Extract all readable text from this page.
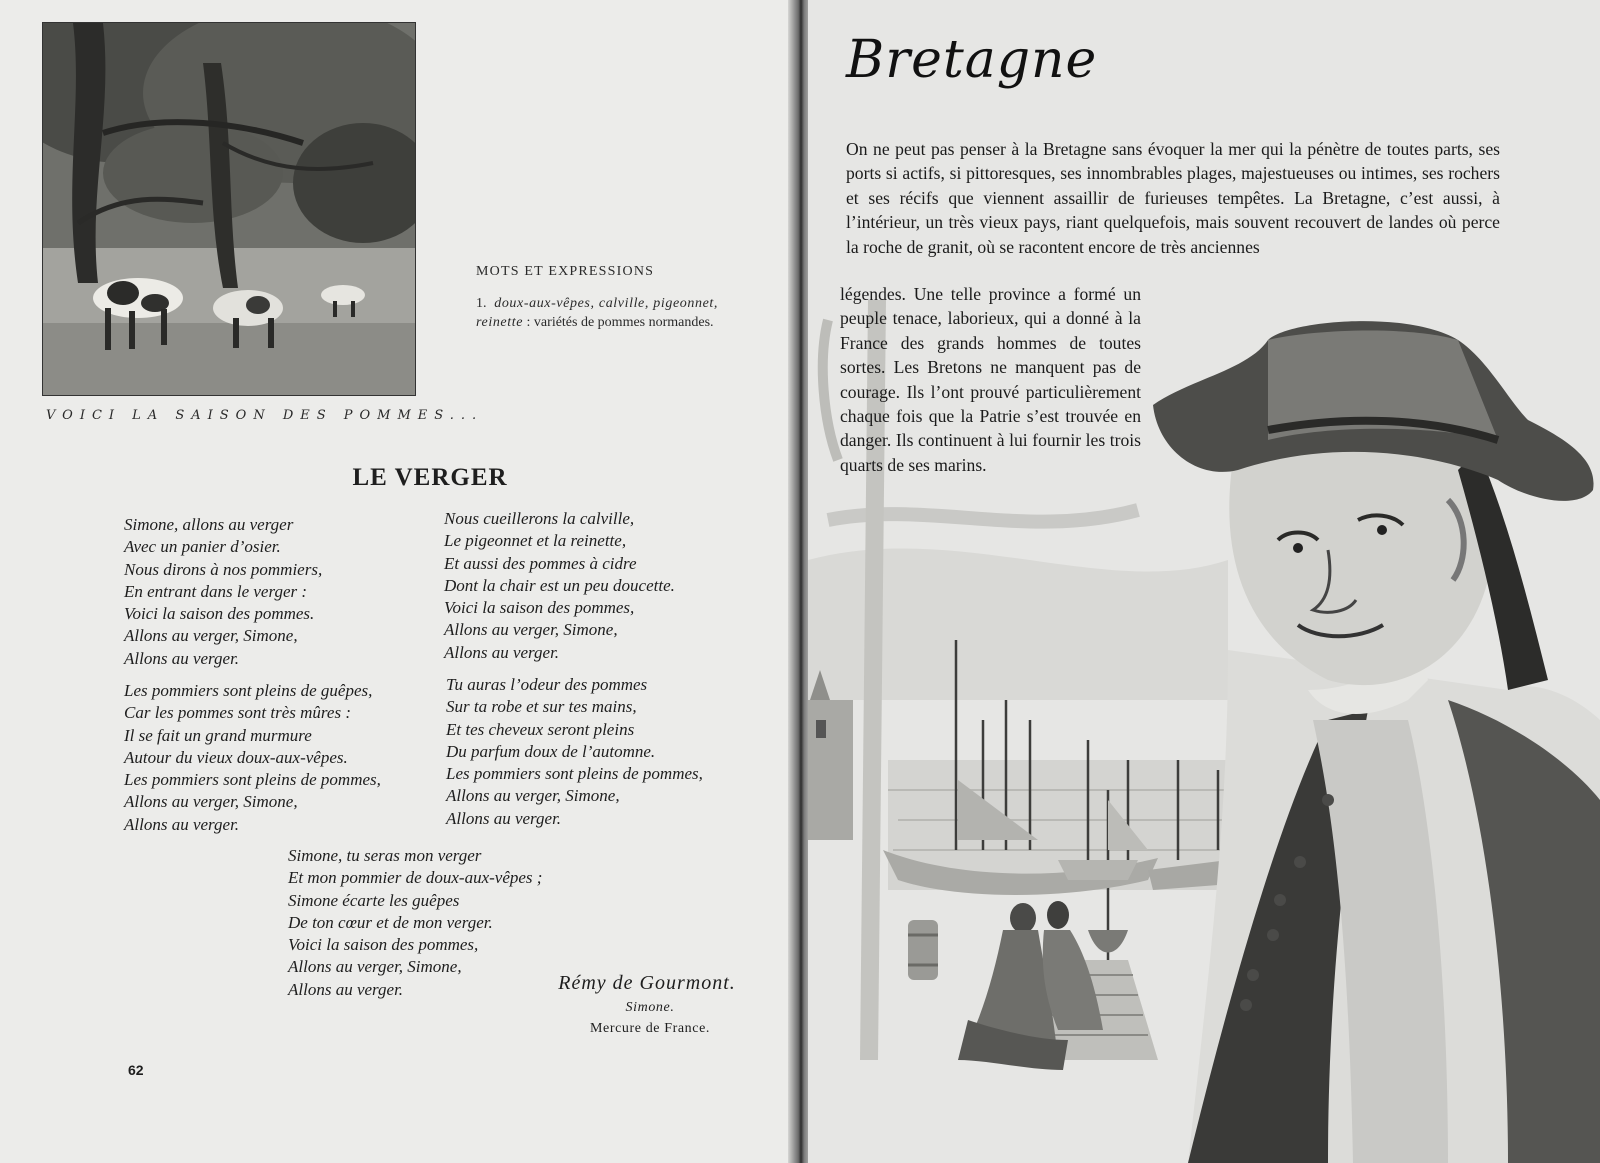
VOICI LA SAISON DES POMMES...

MOTS ET EXPRESSIONS

1. doux-aux-vêpes, calville, pigeonnet, reinette : variétés de pommes normandes.

LE VERGER

Simone, allons au verger
Avec un panier d’osier.
Nous dirons à nos pommiers,
En entrant dans le verger :
Voici la saison des pommes.
Allons au verger, Simone,
Allons au verger.

Nous cueillerons la calville,
Le pigeonnet et la reinette,
Et aussi des pommes à cidre
Dont la chair est un peu doucette.
Voici la saison des pommes,
Allons au verger, Simone,
Allons au verger.

Les pommiers sont pleins de guêpes,
Car les pommes sont très mûres :
Il se fait un grand murmure
Autour du vieux doux-aux-vêpes.
Les pommiers sont pleins de pommes,
Allons au verger, Simone,
Allons au verger.

Tu auras l’odeur des pommes
Sur ta robe et sur tes mains,
Et tes cheveux seront pleins
Du parfum doux de l’automne.
Les pommiers sont pleins de pommes,
Allons au verger, Simone,
Allons au verger.

Simone, tu seras mon verger
Et mon pommier de doux-aux-vêpes ;
Simone écarte les guêpes
De ton cœur et de mon verger.
Voici la saison des pommes,
Allons au verger, Simone,
Allons au verger.	Rémy de Gourmont.

Simone.

Mercure de France.

62
Bretagne

On ne peut pas penser à la Bretagne sans évoquer la mer qui la pénètre de toutes parts, ses ports si actifs, si pittoresques, ses innombrables plages, majestueuses ou intimes, ses rochers et ses récifs que viennent assaillir de furieuses tempêtes. La Bretagne, c’est aussi, à l’intérieur, un très vieux pays, riant quelquefois, mais souvent recouvert de landes où perce la roche de granit, où se racontent encore de très anciennes

légendes. Une telle province a formé un peuple tenace, laborieux, qui a donné à la France des grands hommes de toutes sortes. Les Bretons ne manquent pas de courage. Ils l’ont prouvé particulièrement chaque fois que la Patrie s’est trouvée en danger. Ils continuent à lui fournir les trois quarts de ses marins.
